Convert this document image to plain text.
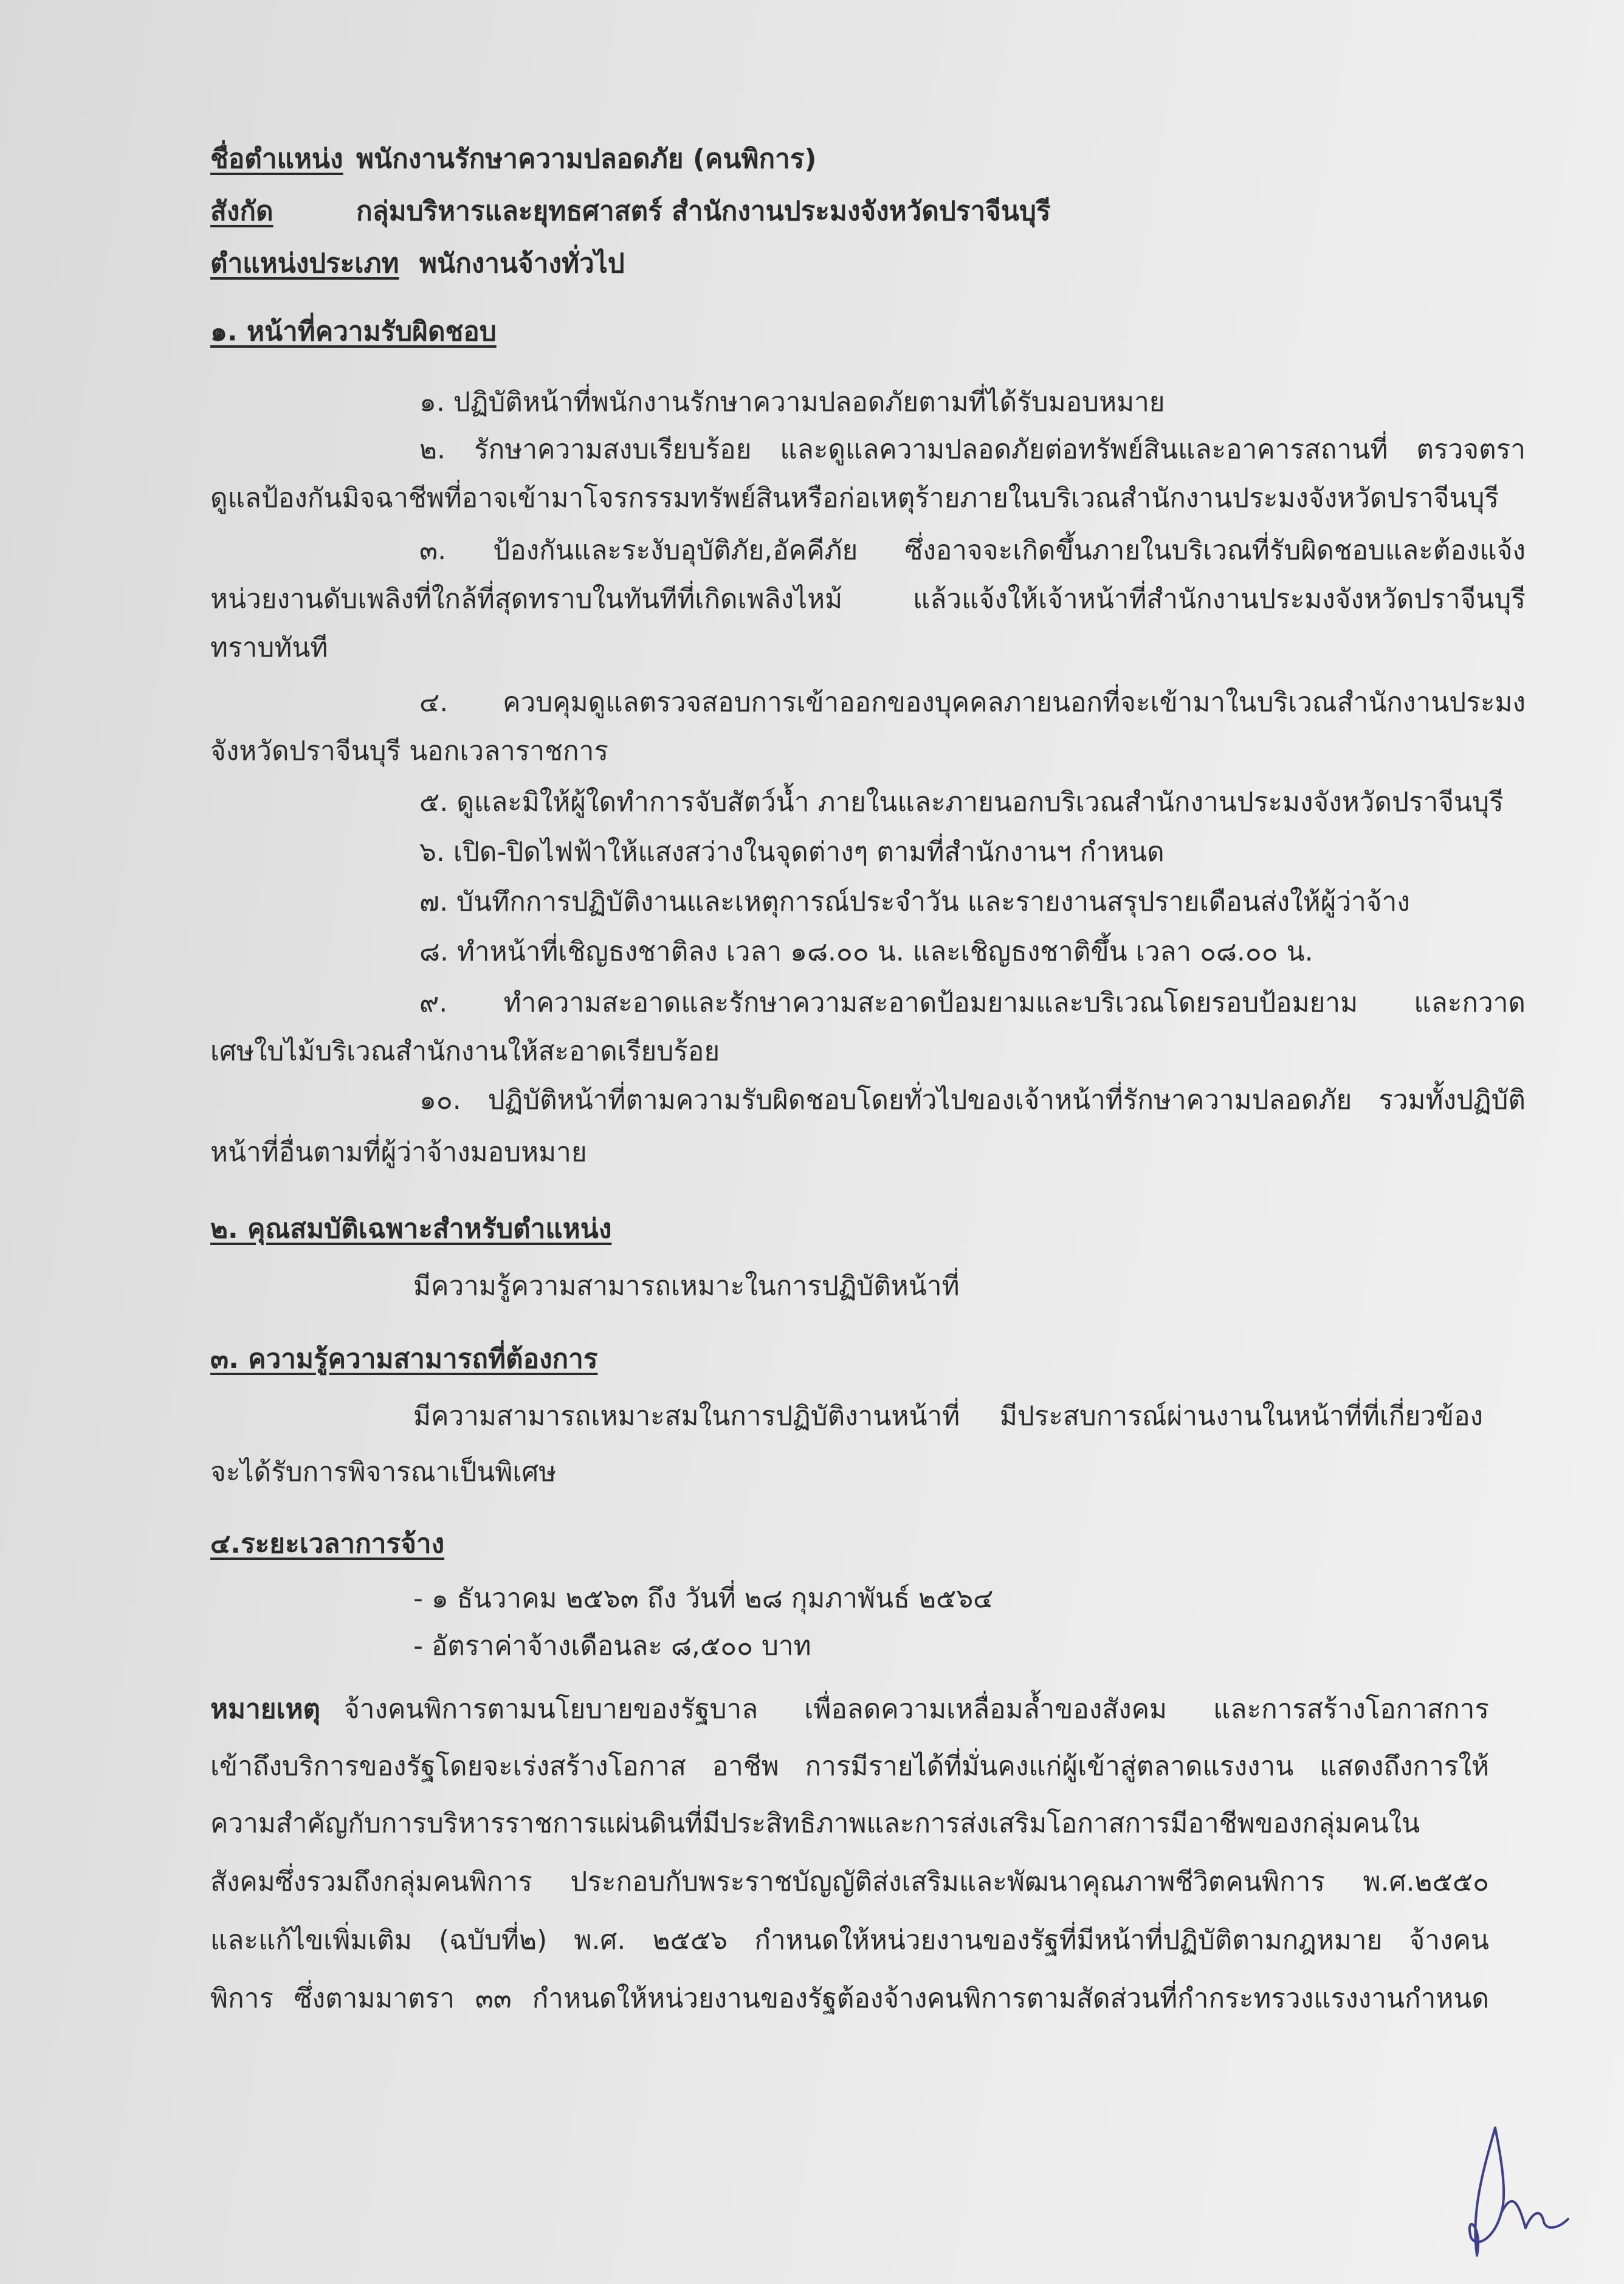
ชื่อตำแหน่ง พนักงานรักษาความปลอดภัย (คนพิการ)
สังกัด	กลุ่มบริหารและยุทธศาสตร์ สำนักงานประมงจังหวัดปราจีนบุรี
ตำแหน่งประเภท พนักงานจ้างทั่วไป
๑. หน้าที่ความรับผิดชอบ
๑. ปฏิบัติหน้าที่พนักงานรักษาความปลอดภัยตามที่ได้รับมอบหมาย
๒. รักษาความสงบเรียบร้อย และดูแลความปลอดภัยต่อทรัพย์สินและอาคารสถานที่ ตรวจตรา
ดูแลป้องกันมิจฉาชีพที่อาจเข้ามาโจรกรรมทรัพย์สินหรือก่อเหตุร้ายภายในบริเวณสำนักงานประมงจังหวัดปราจีนบุรี
๓. ป้องกันและระงับอุบัติภัย,อัคคีภัย ซึ่งอาจจะเกิดขึ้นภายในบริเวณที่รับผิดชอบและต้องแจ้ง
หน่วยงานดับเพลิงที่ใกล้ที่สุดทราบในทันทีที่เกิดเพลิงไหม้ แล้วแจ้งให้เจ้าหน้าที่สำนักงานประมงจังหวัดปราจีนบุรี
ทราบทันที
๔. ควบคุมดูแลตรวจสอบการเข้าออกของบุคคลภายนอกที่จะเข้ามาในบริเวณสำนักงานประมง
จังหวัดปราจีนบุรี นอกเวลาราชการ
๕. ดูและมิให้ผู้ใดทำการจับสัตว์น้ำ ภายในและภายนอกบริเวณสำนักงานประมงจังหวัดปราจีนบุรี
๖. เปิด-ปิดไฟฟ้าให้แสงสว่างในจุดต่างๆ ตามที่สำนักงานฯ กำหนด
๗. บันทึกการปฏิบัติงานและเหตุการณ์ประจำวัน และรายงานสรุปรายเดือนส่งให้ผู้ว่าจ้าง
๘. ทำหน้าที่เชิญธงชาติลง เวลา ๑๘.๐๐ น. และเชิญธงชาติขึ้น เวลา ๐๘.๐๐ น.
๙. ทำความสะอาดและรักษาความสะอาดป้อมยามและบริเวณโดยรอบป้อมยาม และกวาด
เศษใบไม้บริเวณสำนักงานให้สะอาดเรียบร้อย
๑๐. ปฏิบัติหน้าที่ตามความรับผิดชอบโดยทั่วไปของเจ้าหน้าที่รักษาความปลอดภัย รวมทั้งปฏิบัติ
หน้าที่อื่นตามที่ผู้ว่าจ้างมอบหมาย
๒. คุณสมบัติเฉพาะสำหรับตำแหน่ง
มีความรู้ความสามารถเหมาะในการปฏิบัติหน้าที่
๓. ความรู้ความสามารถที่ต้องการ
มีความสามารถเหมาะสมในการปฏิบัติงานหน้าที่ มีประสบการณ์ผ่านงานในหน้าที่ที่เกี่ยวข้อง
จะได้รับการพิจารณาเป็นพิเศษ
๔.ระยะเวลาการจ้าง
- ๑ ธันวาคม ๒๕๖๓ ถึง วันที่ ๒๘ กุมภาพันธ์ ๒๕๖๔
- อัตราค่าจ้างเดือนละ ๘,๕๐๐ บาท
หมายเหตุ จ้างคนพิการตามนโยบายของรัฐบาล เพื่อลดความเหลื่อมล้ำของสังคม และการสร้างโอกาสการ
เข้าถึงบริการของรัฐโดยจะเร่งสร้างโอกาส อาชีพ การมีรายได้ที่มั่นคงแก่ผู้เข้าสู่ตลาดแรงงาน แสดงถึงการให้
ความสำคัญกับการบริหารราชการแผ่นดินที่มีประสิทธิภาพและการส่งเสริมโอกาสการมีอาชีพของกลุ่มคนใน
สังคมซึ่งรวมถึงกลุ่มคนพิการ ประกอบกับพระราชบัญญัติส่งเสริมและพัฒนาคุณภาพชีวิตคนพิการ พ.ศ.๒๕๕๐
และแก้ไขเพิ่มเติม (ฉบับที่๒) พ.ศ. ๒๕๕๖ กำหนดให้หน่วยงานของรัฐที่มีหน้าที่ปฏิบัติตามกฎหมาย จ้างคน
พิการ ซึ่งตามมาตรา ๓๓ กำหนดให้หน่วยงานของรัฐต้องจ้างคนพิการตามสัดส่วนที่กำกระทรวงแรงงานกำหนด
